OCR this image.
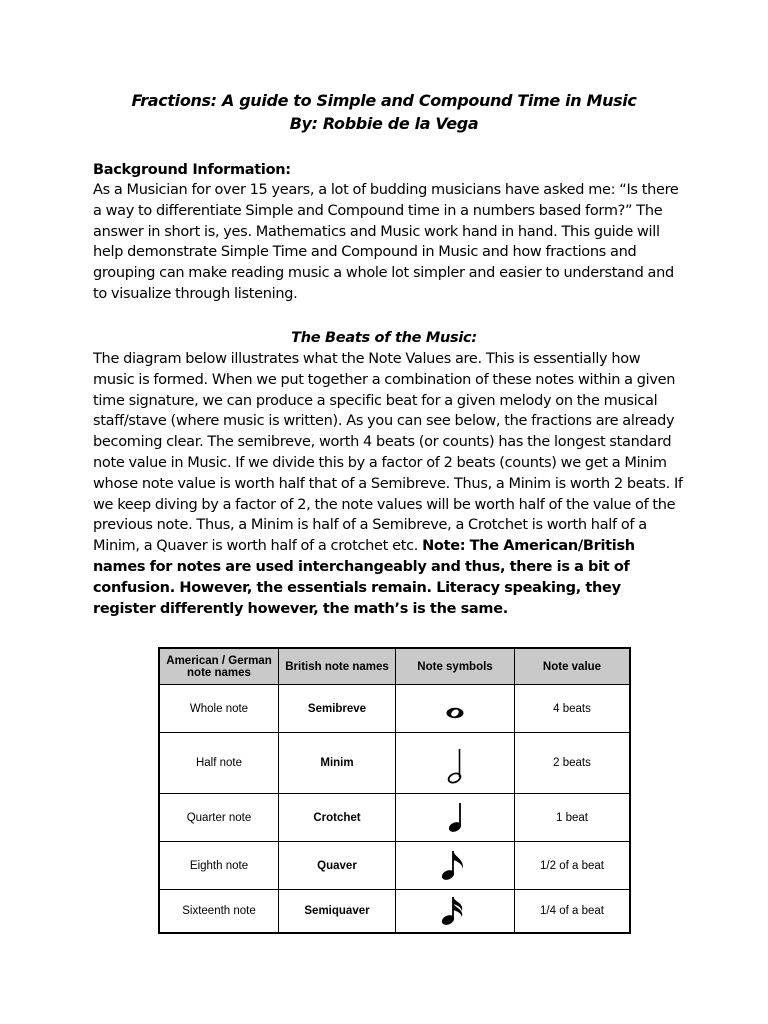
Fractions: A guide to Simple and Compound Time in Music
By: Robbie de la Vega
Background Information:
As a Musician for over 15 years, a lot of budding musicians have asked me: “Is there a way to differentiate Simple and Compound time in a numbers based form?” The answer in short is, yes. Mathematics and Music work hand in hand. This guide will help demonstrate Simple Time and Compound in Music and how fractions and grouping can make reading music a whole lot simpler and easier to understand and to visualize through listening.
The Beats of the Music:
The diagram below illustrates what the Note Values are. This is essentially how music is formed. When we put together a combination of these notes within a given time signature, we can produce a specific beat for a given melody on the musical staff/stave (where music is written). As you can see below, the fractions are already becoming clear. The semibreve, worth 4 beats (or counts) has the longest standard note value in Music. If we divide this by a factor of 2 beats (counts) we get a Minim whose note value is worth half that of a Semibreve. Thus, a Minim is worth 2 beats. If we keep diving by a factor of 2, the note values will be worth half of the value of the previous note. Thus, a Minim is half of a Semibreve, a Crotchet is worth half of a Minim, a Quaver is worth half of a crotchet etc. Note: The American/British names for notes are used interchangeably and thus, there is a bit of confusion. However, the essentials remain. Literacy speaking, they register differently however, the math’s is the same.
American / German note names	British note names	Note symbols	Note value
Whole note	Semibreve	4 beats
Half note	Minim	2 beats
Quarter note	Crotchet	1 beat
Eighth note	Quaver	1/2 of a beat
Sixteenth note	Semiquaver	1/4 of a beat
